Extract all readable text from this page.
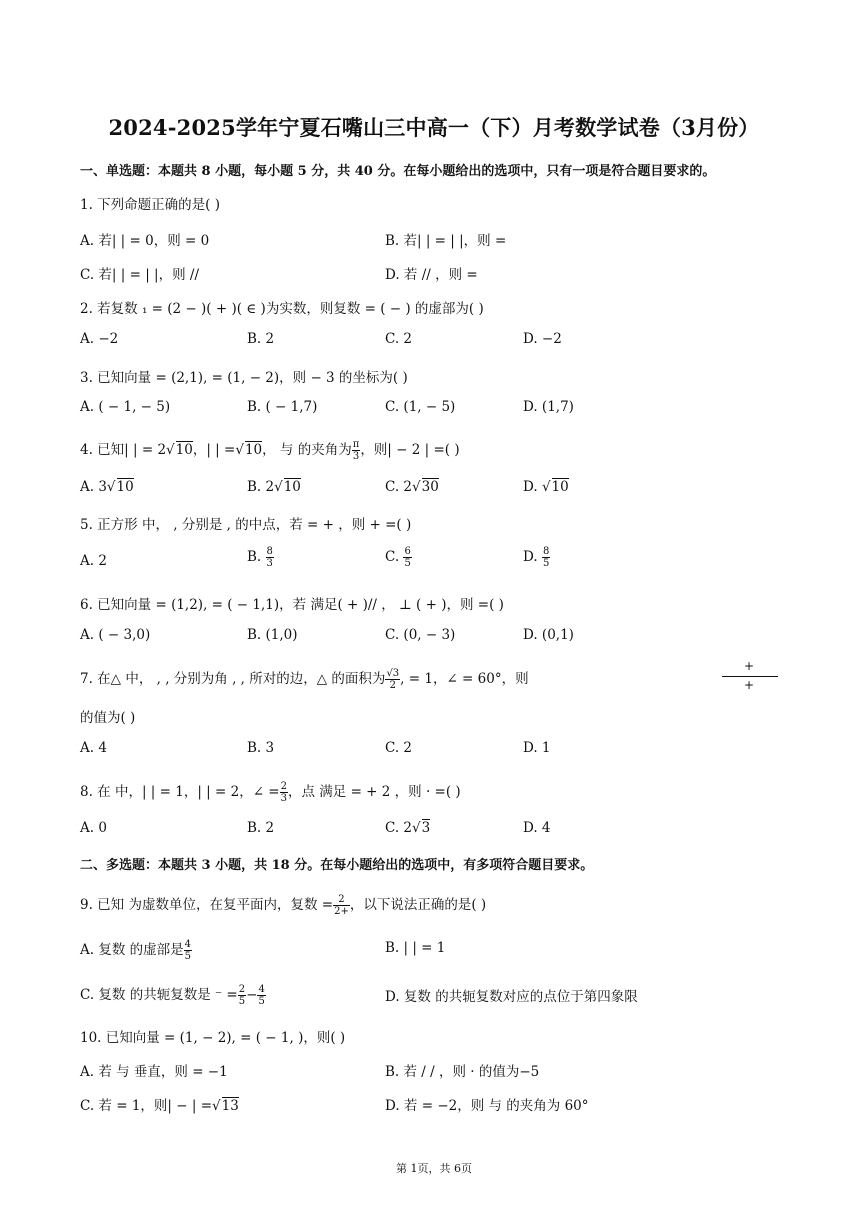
2024-2025学年宁夏石嘴山三中高一（下）月考数学试卷（3月份）
一、单选题：本题共 8 小题，每小题 5 分，共 40 分。在每小题给出的选项中，只有一项是符合题目要求的。
1. 下列命题正确的是( )
A. 若| | = 0，则 = 0	B. 若| | = | |，则 =
C. 若| | = | |，则 //	D. 若 // ，则 =
2. 若复数 ₁ = (2 − )( + )( ∈ )为实数，则复数 = ( − ) 的虚部为( )
A. −2	B. 2	C. 2	D. −2
3. 已知向量 = (2,1), = (1, − 2)，则 − 3 的坐标为( )
A. ( − 1, − 5)	B. ( − 1,7)	C. (1, − 5)	D. (1,7)
4. 已知| | = 2√10，| | =√10， 与 的夹角为 $\frac{\pi}{3}$ ，则| − 2 | =( )
A. 3√10	B. 2√10	C. 2√30	D. √10
5. 正方形 中， , 分别是 , 的中点，若 = + ，则 + =( )
A. 2	B. $\frac{8}{3}$	C. $\frac{6}{5}$	D. $\frac{8}{5}$
6. 已知向量 = (1,2), = ( − 1,1)，若 满足( + )// ， ⊥ ( + )，则 =( )
A. ( − 3,0)	B. (1,0)	C. (0, − 3)	D. (0,1)
7. 在△ 中， , , 分别为角 , , 所对的边，△ 的面积为 $\frac{√3}{2}$ , = 1，∠ = 60°，则
+
+
的值为( )
A. 4	B. 3	C. 2	D. 1
8. 在 中，| | = 1，| | = 2，∠ = $\frac{2}{3}$ ，点 满足 = + 2 ，则 · =( )
A. 0	B. 2	C. 2√3	D. 4
二、多选题：本题共 3 小题，共 18 分。在每小题给出的选项中，有多项符合题目要求。
9. 已知 为虚数单位，在复平面内，复数 = $\frac{2}{2+}$ ，以下说法正确的是( )
A. 复数 的虚部是 $\frac{4}{5}$	B. | | = 1
C. 复数 的共轭复数是 ⁻ = $\frac{2}{5} - \frac{4}{5}$	D. 复数 的共轭复数对应的点位于第四象限
10. 已知向量 = (1, − 2), = ( − 1, )，则( )
A. 若 与 垂直，则 = −1	B. 若 / / ，则 · 的值为−5
C. 若 = 1，则| − | =√13	D. 若 = −2，则 与 的夹角为 60°
第 1页，共 6页
